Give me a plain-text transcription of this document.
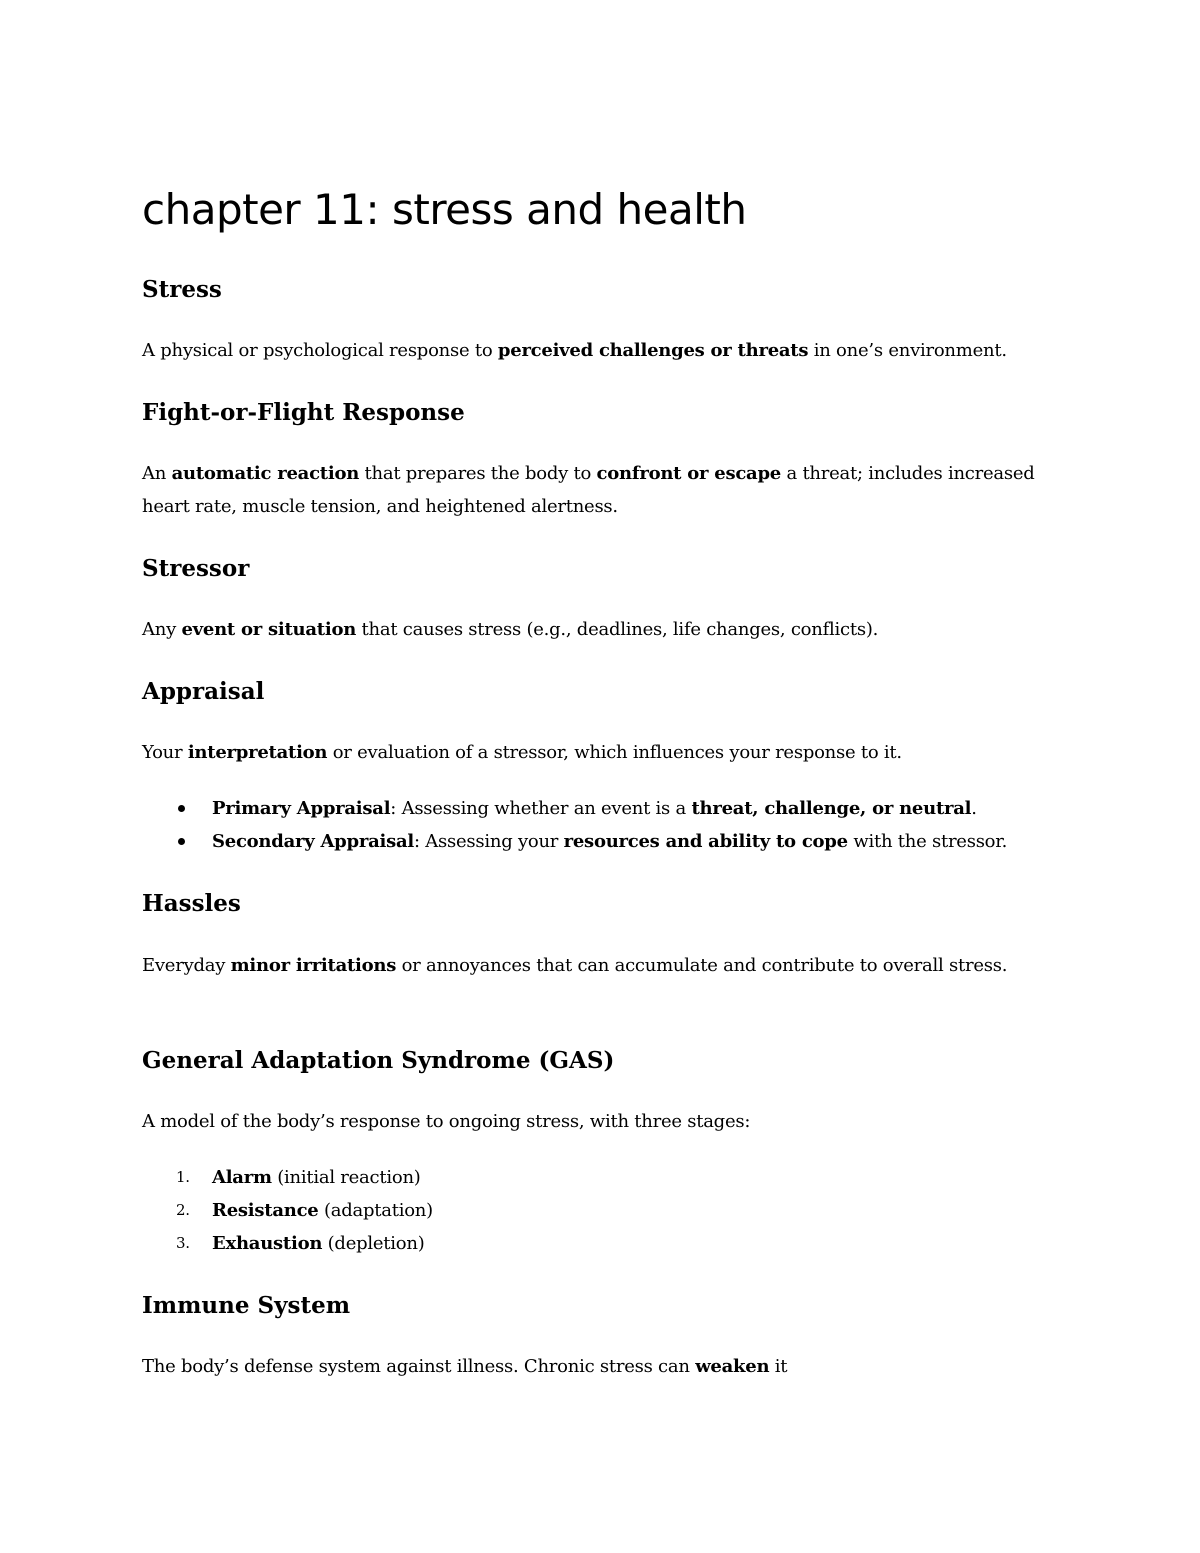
chapter 11: stress and health
Stress

A physical or psychological response to perceived challenges or threats in one’s environment.

Fight-or-Flight Response

An automatic reaction that prepares the body to confront or escape a threat; includes increased heart rate, muscle tension, and heightened alertness.

Stressor

Any event or situation that causes stress (e.g., deadlines, life changes, conflicts).

Appraisal

Your interpretation or evaluation of a stressor, which influences your response to it.

Primary Appraisal: Assessing whether an event is a threat, challenge, or neutral.
Secondary Appraisal: Assessing your resources and ability to cope with the stressor.
Hassles

Everyday minor irritations or annoyances that can accumulate and contribute to overall stress.

General Adaptation Syndrome (GAS)

A model of the body’s response to ongoing stress, with three stages:

1. Alarm (initial reaction)
2. Resistance (adaptation)
3. Exhaustion (depletion)
Immune System

The body’s defense system against illness. Chronic stress can weaken it
